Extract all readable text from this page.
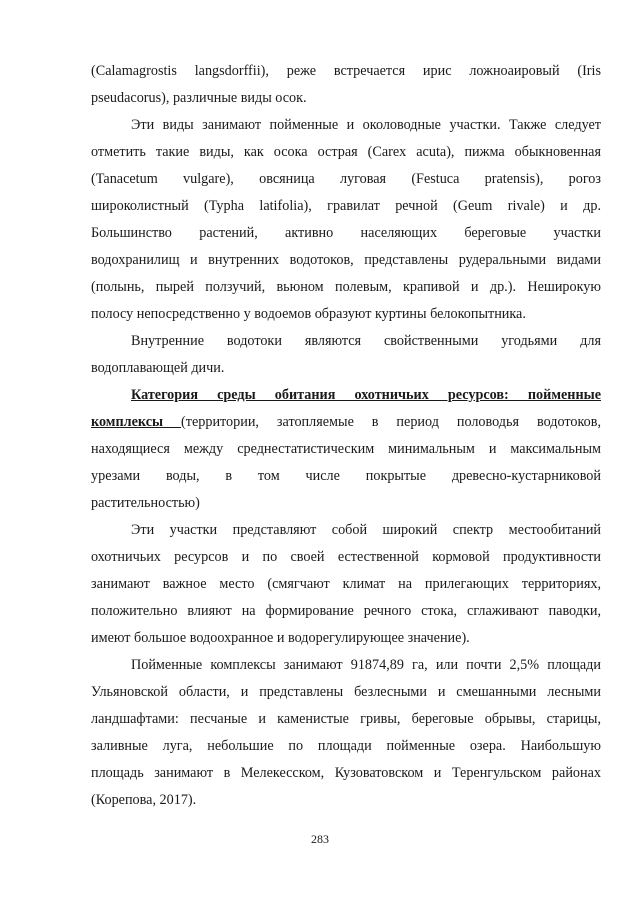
(Calamagrostis langsdorffii), реже встречается ирис ложноаировый (Iris
pseudacorus), различные виды осок.
Эти виды занимают пойменные и околоводные участки. Также следует
отметить такие виды, как осока острая (Carex acuta), пижма обыкновенная
(Tanacetum vulgare), овсяница луговая (Festuca pratensis), рогоз
широколистный (Typha latifolia), гравилат речной (Geum rivale) и др.
Большинство растений, активно населяющих береговые участки
водохранилищ и внутренних водотоков, представлены рудеральными видами
(полынь, пырей ползучий, вьюном полевым, крапивой и др.). Неширокую
полосу непосредственно у водоемов образуют куртины белокопытника.
Внутренние водотоки являются свойственными угодьями для
водоплавающей дичи.
Категория среды обитания охотничьих ресурсов: пойменные
комплексы (территории, затопляемые в период половодья водотоков,
находящиеся между среднестатистическим минимальным и максимальным
урезами воды, в том числе покрытые древесно-кустарниковой
растительностью)
Эти участки представляют собой широкий спектр местообитаний
охотничьих ресурсов и по своей естественной кормовой продуктивности
занимают важное место (смягчают климат на прилегающих территориях,
положительно влияют на формирование речного стока, сглаживают паводки,
имеют большое водоохранное и водорегулирующее значение).
Пойменные комплексы занимают 91874,89 га, или почти 2,5% площади
Ульяновской области, и представлены безлесными и смешанными лесными
ландшафтами: песчаные и каменистые гривы, береговые обрывы, старицы,
заливные луга, небольшие по площади пойменные озера. Наибольшую
площадь занимают в Мелекесском, Кузоватовском и Теренгульском районах
(Корепова, 2017).
283
